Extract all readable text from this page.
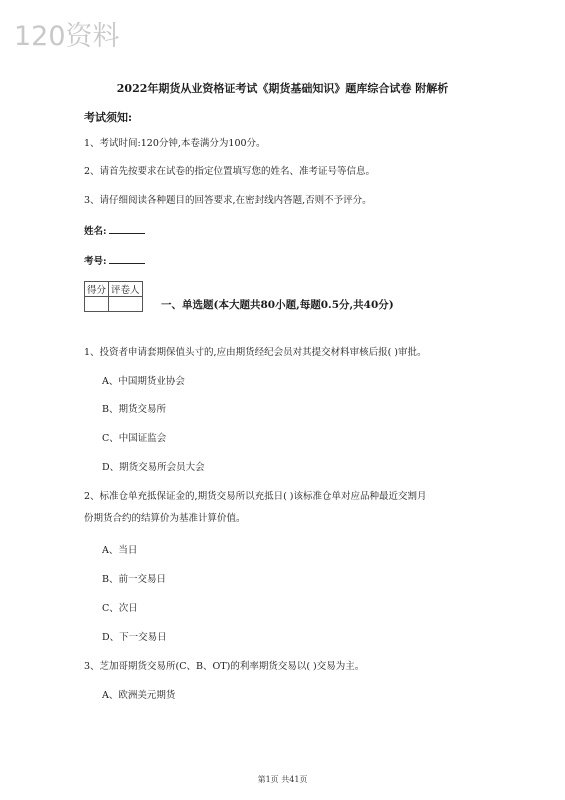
120资料
2022年期货从业资格证考试《期货基础知识》题库综合试卷 附解析
考试须知:
1、考试时间:120分钟,本卷满分为100分。
2、请首先按要求在试卷的指定位置填写您的姓名、准考证号等信息。
3、请仔细阅读各种题目的回答要求,在密封线内答题,否则不予评分。
姓名:
考号:
得分	评卷人

一、单选题(本大题共80小题,每题0.5分,共40分)
1、投资者申请套期保值头寸的,应由期货经纪会员对其提交材料审核后报( )审批。
A、中国期货业协会
B、期货交易所
C、中国证监会
D、期货交易所会员大会
2、标准仓单充抵保证金的,期货交易所以充抵日( )该标准仓单对应品种最近交割月
份期货合约的结算价为基准计算价值。
A、当日
B、前一交易日
C、次日
D、下一交易日
3、芝加哥期货交易所(C、B、OT)的利率期货交易以( )交易为主。
A、欧洲美元期货
第1页 共41页
